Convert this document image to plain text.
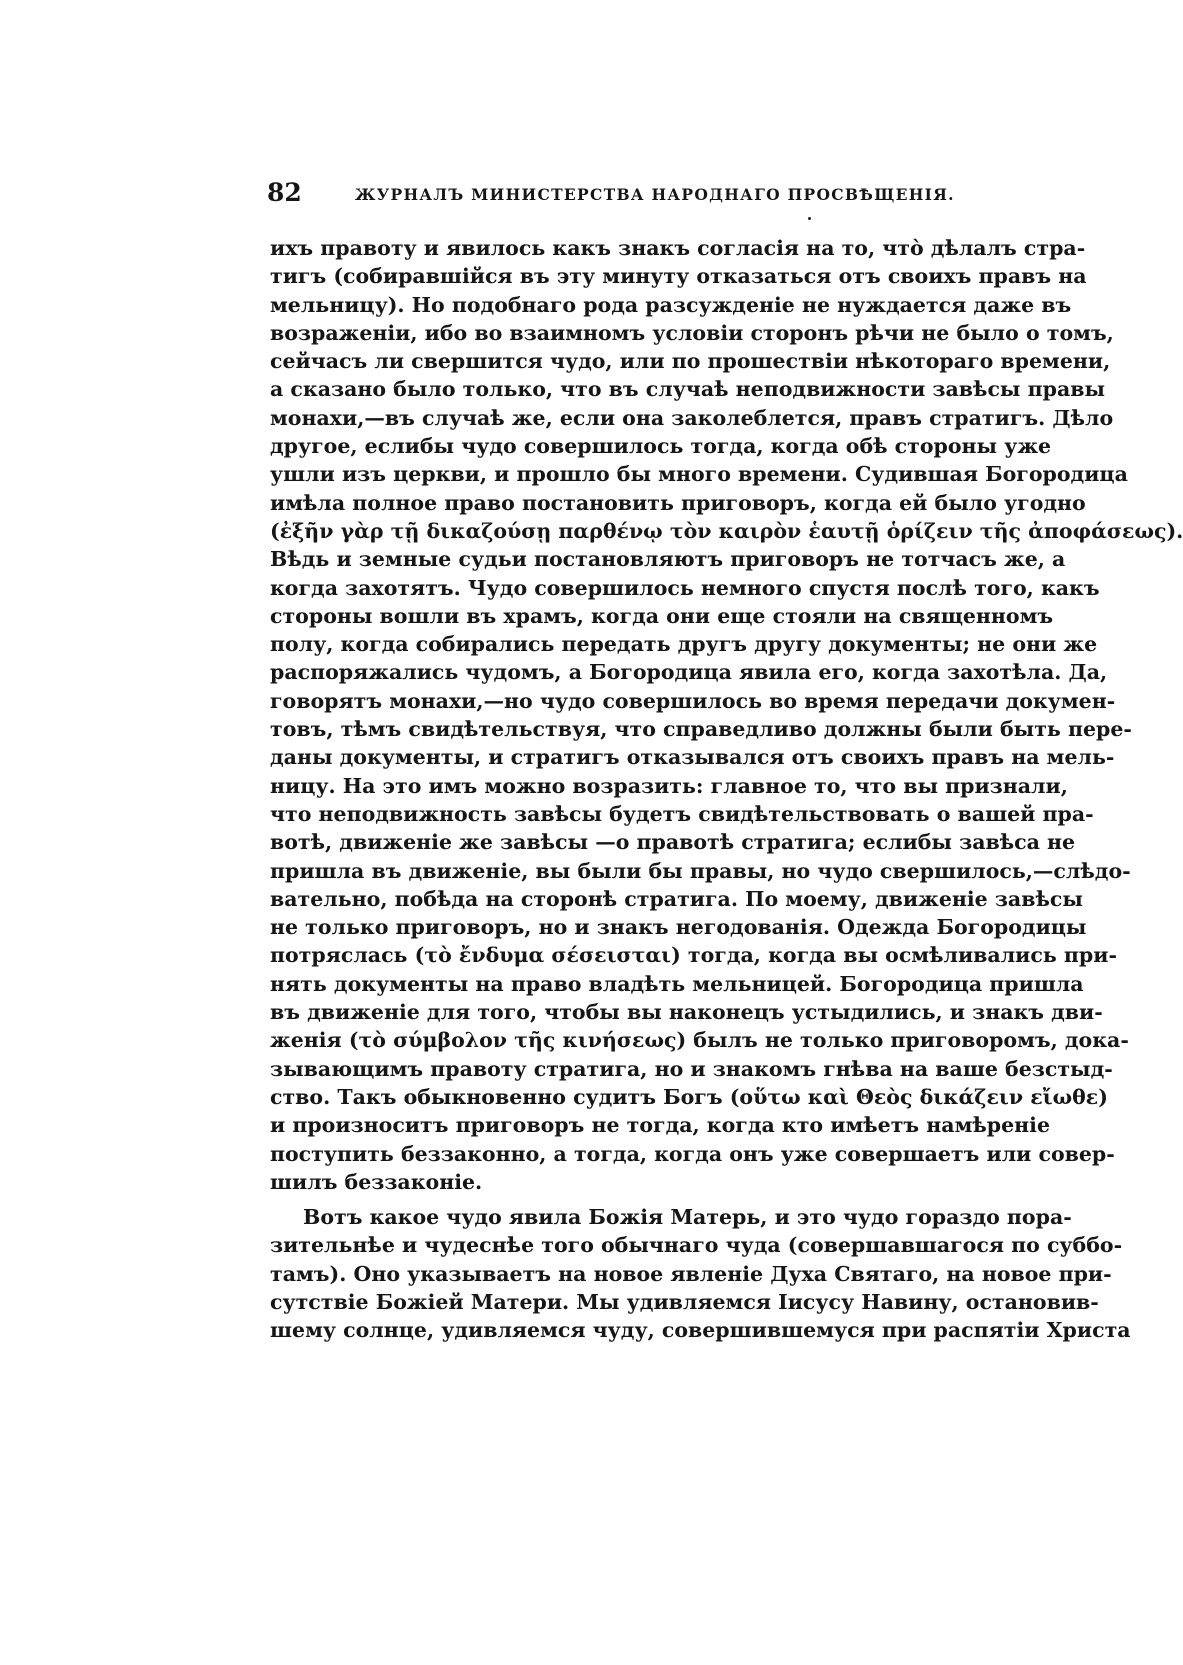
82	ЖУРНАЛЪ МИНИСТЕРСТВА НАРОДНАГО ПРОСВѢЩЕНІЯ.
ихъ правоту и явилось какъ знакъ согласія на то, что̀ дѣлалъ стра-
тигъ (собиравшійся въ эту минуту отказаться отъ своихъ правъ на
мельницу). Но подобнаго рода разсужденіе не нуждается даже въ
возраженіи, ибо во взаимномъ условіи сторонъ рѣчи не было о томъ,
сейчасъ ли свершится чудо, или по прошествіи нѣкотораго времени,
а сказано было только, что въ случаѣ неподвижности завѣсы правы
монахи,—въ случаѣ же, если она заколеблется, правъ стратигъ. Дѣло
другое, еслибы чудо совершилось тогда, когда обѣ стороны уже
ушли изъ церкви, и прошло бы много времени. Судившая Богородица
имѣла полное право постановить приговоръ, когда ей было угодно
(ἐξῆν γὰρ τῇ δικαζούσῃ παρθένῳ τὸν καιρὸν ἑαυτῇ ὁρίζειν τῆς ἀποφάσεως).
Вѣдь и земные судьи постановляютъ приговоръ не тотчасъ же, а
когда захотятъ. Чудо совершилось немного спустя послѣ того, какъ
стороны вошли въ храмъ, когда они еще стояли на священномъ
полу, когда собирались передать другъ другу документы; не они же
распоряжались чудомъ, а Богородица явила его, когда захотѣла. Да,
говорятъ монахи,—но чудо совершилось во время передачи докумен-
товъ, тѣмъ свидѣтельствуя, что справедливо должны были быть пере-
даны документы, и стратигъ отказывался отъ своихъ правъ на мель-
ницу. На это имъ можно возразить: главное то, что вы признали,
что неподвижность завѣсы будетъ свидѣтельствовать о вашей пра-
вотѣ, движеніе же завѣсы —о правотѣ стратига; еслибы завѣса не
пришла въ движеніе, вы были бы правы, но чудо свершилось,—слѣдо-
вательно, побѣда на сторонѣ стратига. По моему, движеніе завѣсы
не только приговоръ, но и знакъ негодованія. Одежда Богородицы
потряслась (τὸ ἔνδυμα σέσεισται) тогда, когда вы осмѣливались при-
нять документы на право владѣть мельницей. Богородица пришла
въ движеніе для того, чтобы вы наконецъ устыдились, и знакъ дви-
женія (τὸ σύμβολον τῆς κινήσεως) былъ не только приговоромъ, дока-
зывающимъ правоту стратига, но и знакомъ гнѣва на ваше безстыд-
ство. Такъ обыкновенно судитъ Богъ (οὕτω καὶ Θεὸς δικάζειν εἴωθε)
и произноситъ приговоръ не тогда, когда кто имѣетъ намѣреніе
поступить беззаконно, а тогда, когда онъ уже совершаетъ или совер-
шилъ беззаконіе.
Вотъ какое чудо явила Божія Матерь, и это чудо гораздо пора-
зительнѣе и чудеснѣе того обычнаго чуда (совершавшагося по суббо-
тамъ). Оно указываетъ на новое явленіе Духа Святаго, на новое при-
сутствіе Божіей Матери. Мы удивляемся Іисусу Навину, остановив-
шему солнце, удивляемся чуду, совершившемуся при распятіи Христа
